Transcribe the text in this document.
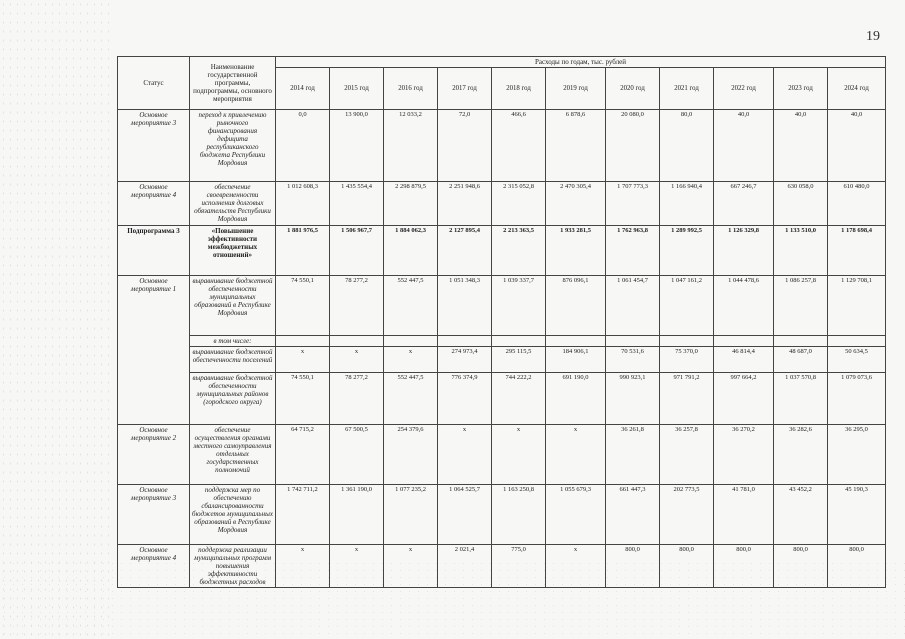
19
Статус	Наименование государственной программы, подпрограммы, основного мероприятия	Расходы по годам, тыс. рублей										
		2014 год	2015 год	2016 год	2017 год	2018 год	2019 год	2020 год	2021 год	2022 год	2023 год	2024 год
Основное мероприятие 3	переход к привлечению рыночного финансирования дефицита республиканского бюджета Республики Мордовия	0,0	13 900,0	12 033,2	72,0	466,6	6 878,6	20 080,0	80,0	40,0	40,0	40,0
Основное мероприятие 4	обеспечение своевременности исполнения долговых обязательств Республики Мордовия	1 012 608,3	1 435 554,4	2 298 879,5	2 251 948,6	2 315 052,8	2 470 305,4	1 707 773,3	1 166 940,4	667 246,7	630 058,0	610 480,0
Подпрограмма 3	«Повышение эффективности межбюджетных отношений»	1 881 976,5	1 506 967,7	1 884 062,3	2 127 895,4	2 213 363,5	1 933 281,5	1 762 963,8	1 289 992,5	1 126 329,8	1 133 510,0	1 178 698,4
Основное мероприятие 1	выравнивание бюджетной обеспеченности муниципальных образований в Республике Мордовия	74 550,1	78 277,2	552 447,5	1 051 348,3	1 039 337,7	876 096,1	1 061 454,7	1 047 161,2	1 044 478,6	1 086 257,8	1 129 708,1
	в том числе:											
	выравнивание бюджетной обеспеченности поселений	х	х	х	274 973,4	295 115,5	184 906,1	70 531,6	75 370,0	46 814,4	48 687,0	50 634,5
	выравнивание бюджетной обеспеченности муниципальных районов (городского округа)	74 550,1	78 277,2	552 447,5	776 374,9	744 222,2	691 190,0	990 923,1	971 791,2	997 664,2	1 037 570,8	1 079 073,6
Основное мероприятие 2	обеспечение осуществления органами местного самоуправления отдельных государственных полномочий	64 715,2	67 500,5	254 379,6	х	х	х	36 261,8	36 257,8	36 270,2	36 282,6	36 295,0
Основное мероприятие 3	поддержка мер по обеспечению сбалансированности бюджетов муниципальных образований в Республике Мордовия	1 742 711,2	1 361 190,0	1 077 235,2	1 064 525,7	1 163 250,8	1 055 679,3	661 447,3	202 773,5	41 781,0	43 452,2	45 190,3
Основное мероприятие 4	поддержка реализации муниципальных программ повышения эффективности бюджетных расходов	х	х	х	2 021,4	775,0	х	800,0	800,0	800,0	800,0	800,0
